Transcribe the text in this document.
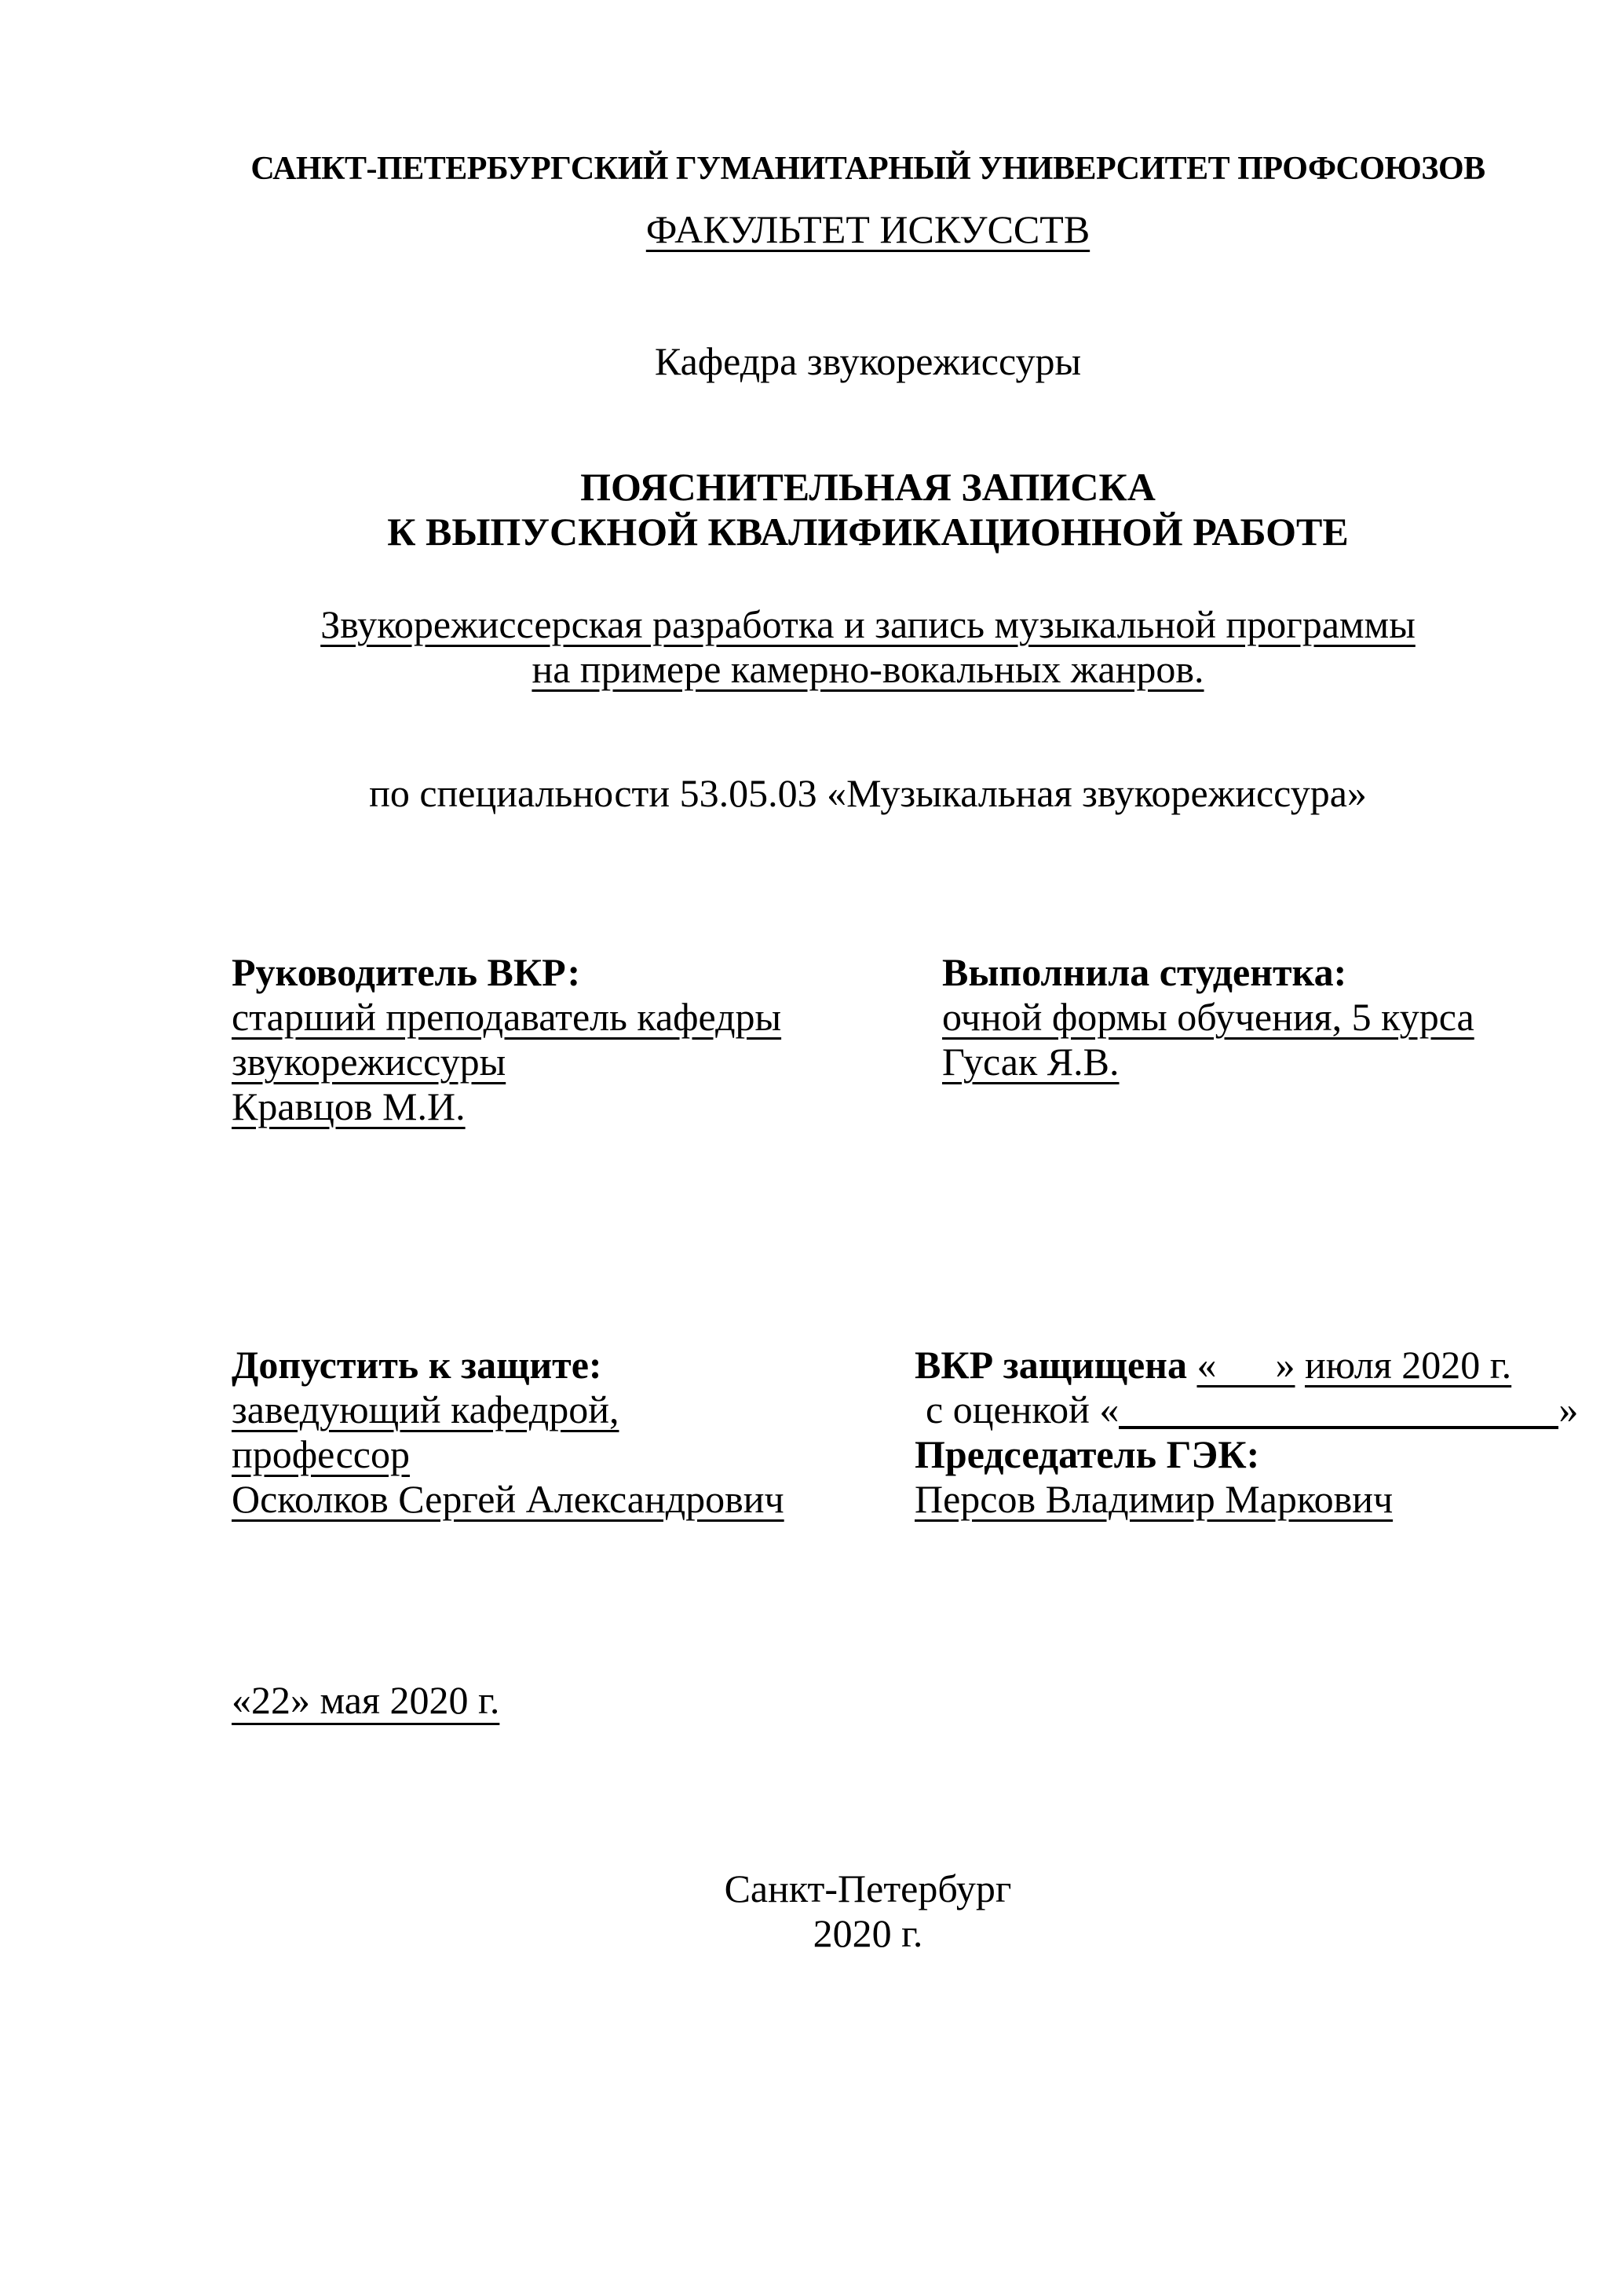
САНКТ-ПЕТЕРБУРГСКИЙ ГУМАНИТАРНЫЙ УНИВЕРСИТЕТ ПРОФСОЮЗОВ
ФАКУЛЬТЕТ ИСКУССТВ
Кафедра звукорежиссуры
ПОЯСНИТЕЛЬНАЯ ЗАПИСКА
К ВЫПУСКНОЙ КВАЛИФИКАЦИОННОЙ РАБОТЕ
Звукорежиссерская разработка и запись музыкальной программы
на примере камерно-вокальных жанров.
по специальности 53.05.03 «Музыкальная звукорежиссура»
Руководитель ВКР:
старший преподаватель кафедры
звукорежиссуры
Кравцов М.И.
Выполнила студентка:
очной формы обучения, 5 курса
Гусак Я.В.
Допустить к защите:
заведующий кафедрой,
профессор
Осколков Сергей Александрович
ВКР защищена «      » июля 2020 г.
с оценкой «	»
Председатель ГЭК:
Персов Владимир Маркович
«22» мая 2020 г.
Санкт-Петербург
2020 г.
